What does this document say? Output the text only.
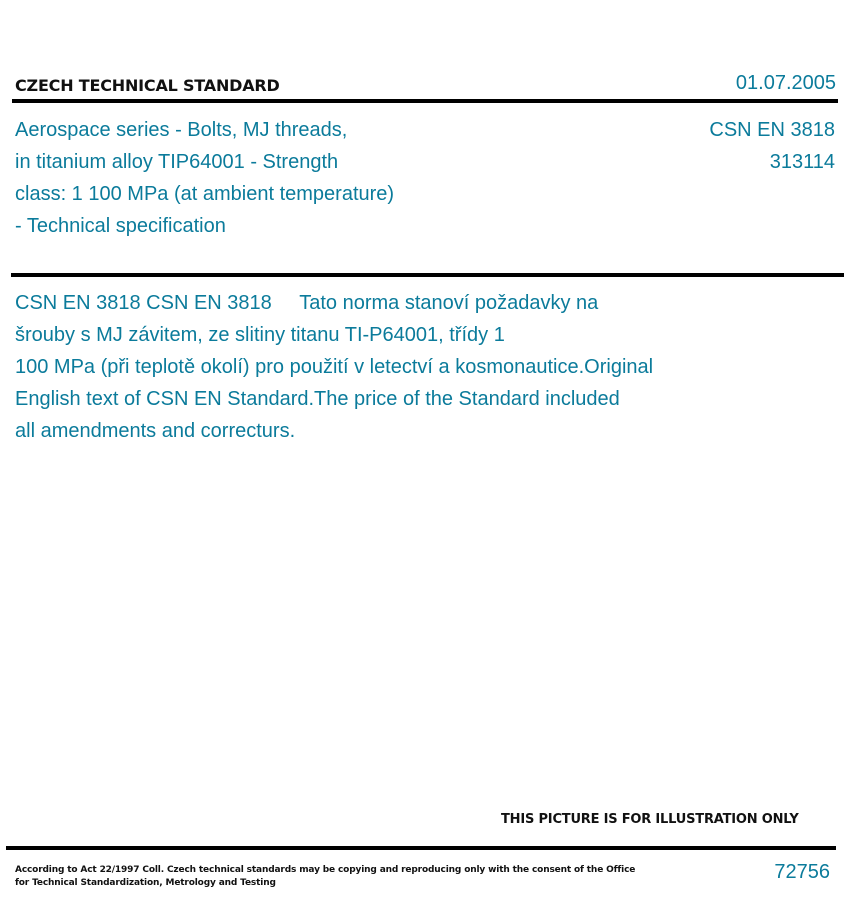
CZECH TECHNICAL STANDARD	01.07.2005
Aerospace series - Bolts, MJ threads,
in titanium alloy TIP64001 - Strength
class: 1 100 MPa (at ambient temperature)
- Technical specification
CSN EN 3818
313114
CSN EN 3818 CSN EN 3818     Tato norma stanoví požadavky na
šrouby s MJ závitem, ze slitiny titanu TI-P64001, třídy 1
100 MPa (při teplotě okolí) pro použití v letectví a kosmonautice.Original
English text of CSN EN Standard.The price of the Standard included
all amendments and correcturs.
THIS PICTURE IS FOR ILLUSTRATION ONLY
According to Act 22/1997 Coll. Czech technical standards may be copying and reproducing only with the consent of the Office
for Technical Standardization, Metrology and Testing	72756
